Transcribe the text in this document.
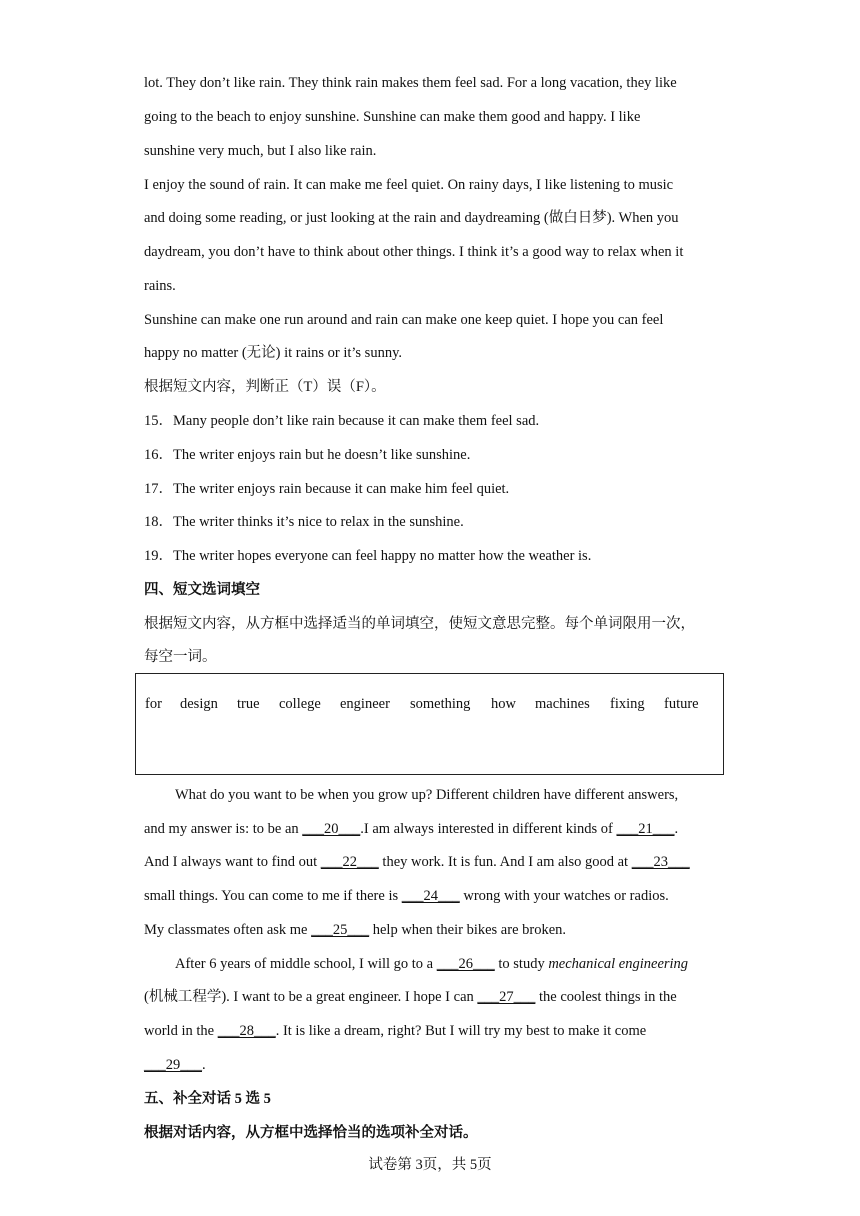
lot. They don’t like rain. They think rain makes them feel sad. For a long vacation, they like
going to the beach to enjoy sunshine. Sunshine can make them good and happy. I like
sunshine very much, but I also like rain.
I enjoy the sound of rain. It can make me feel quiet. On rainy days, I like listening to music
and doing some reading, or just looking at the rain and daydreaming (做白日梦). When you
daydream, you don’t have to think about other things. I think it’s a good way to relax when it
rains.
Sunshine can make one run around and rain can make one keep quiet. I hope you can feel
happy no matter (无论) it rains or it’s sunny.
根据短文内容，判断正（T）误（F）。
15．Many people don’t like rain because it can make them feel sad.
16．The writer enjoys rain but he doesn’t like sunshine.
17．The writer enjoys rain because it can make him feel quiet.
18．The writer thinks it’s nice to relax in the sunshine.
19．The writer hopes everyone can feel happy no matter how the weather is.
四、短文选词填空
根据短文内容，从方框中选择适当的单词填空，使短文意思完整。每个单词限用一次，
每空一词。
for design true college engineer something how machines fixing future
What do you want to be when you grow up? Different children have different answers,
and my answer is: to be an ___20___.I am always interested in different kinds of ___21___.
And I always want to find out ___22___ they work. It is fun. And I am also good at ___23___
small things. You can come to me if there is ___24___ wrong with your watches or radios.
My classmates often ask me ___25___ help when their bikes are broken.
After 6 years of middle school, I will go to a ___26___ to study mechanical engineering
(机械工程学). I want to be a great engineer. I hope I can ___27___ the coolest things in the
world in the ___28___. It is like a dream, right? But I will try my best to make it come
___29___.
五、补全对话 5 选 5
根据对话内容，从方框中选择恰当的选项补全对话。
试卷第 3页，共 5页
